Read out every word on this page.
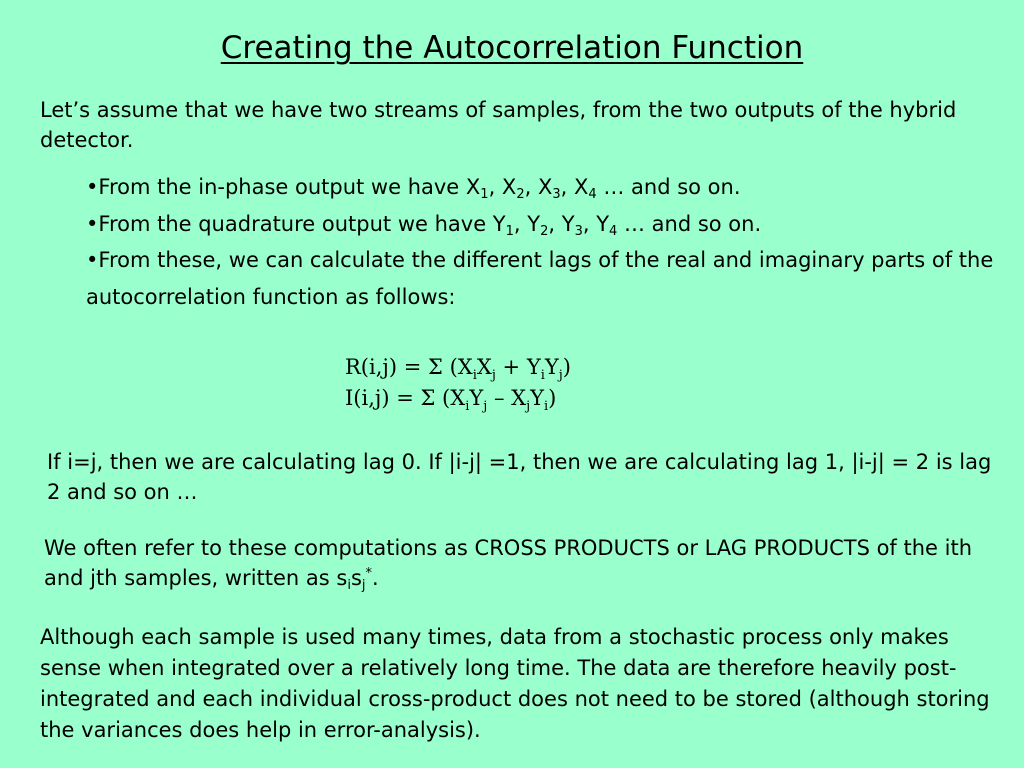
Creating the Autocorrelation Function

Let’s assume that we have two streams of samples, from the two outputs of the hybrid detector.

•From the in-phase output we have $X_1$, $X_2$, $X_3$, $X_4$ … and so on.
•From the quadrature output we have $Y_1$, $Y_2$, $Y_3$, $Y_4$ … and so on.
•From these, we can calculate the different lags of the real and imaginary parts of the autocorrelation function as follows:
R(i,j) = Σ $(X_iX_j + Y_iY_j)$
I(i,j) = Σ $(X_iY_j - X_jY_i)$

If i=j, then we are calculating lag 0. If |i-j| =1, then we are calculating lag 1, |i-j| = 2 is lag 2 and so on …

We often refer to these computations as CROSS PRODUCTS or LAG PRODUCTS of the ith and jth samples, written as $s_is_j^*$.

Although each sample is used many times, data from a stochastic process only makes sense when integrated over a relatively long time. The data are therefore heavily post-integrated and each individual cross-product does not need to be stored (although storing the variances does help in error-analysis).
